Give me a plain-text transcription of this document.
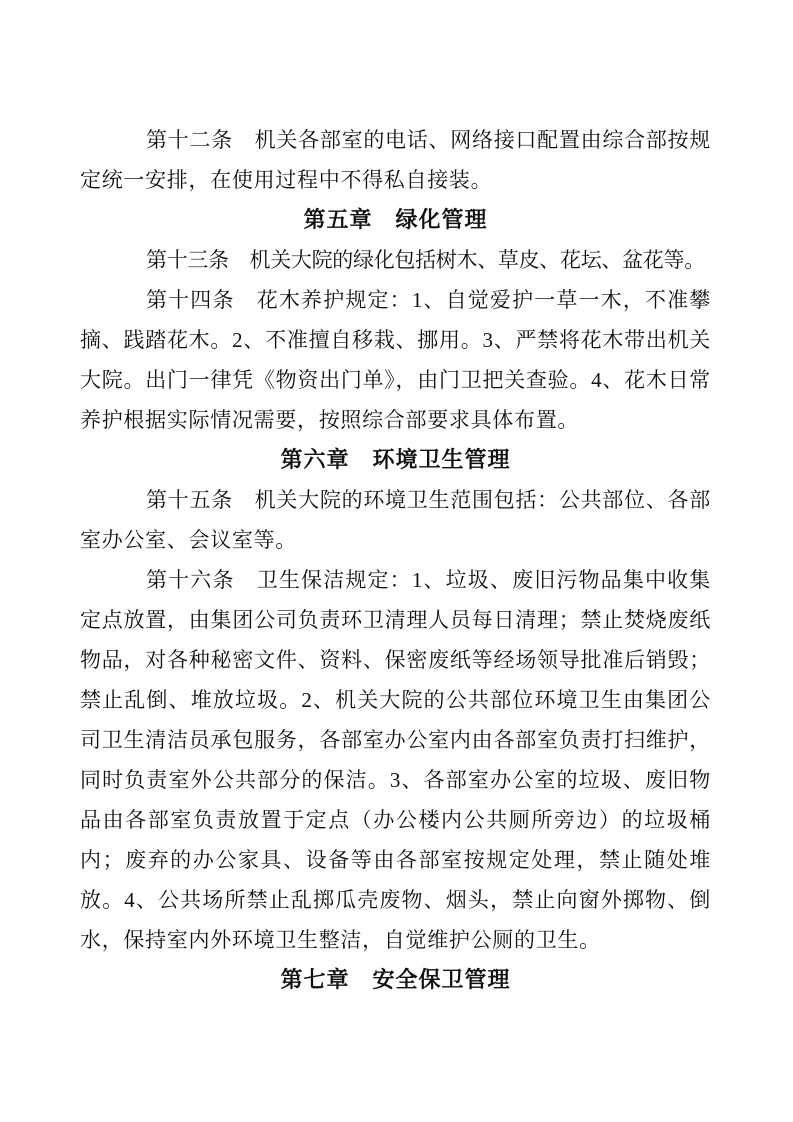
第十二条　机关各部室的电话、网络接口配置由综合部按规定统一安排，在使用过程中不得私自接装。

第五章　绿化管理

第十三条　机关大院的绿化包括树木、草皮、花坛、盆花等。

第十四条　花木养护规定：1、自觉爱护一草一木，不准攀摘、践踏花木。2、不准擅自移栽、挪用。3、严禁将花木带出机关大院。出门一律凭《物资出门单》，由门卫把关查验。4、花木日常养护根据实际情况需要，按照综合部要求具体布置。

第六章　环境卫生管理

第十五条　机关大院的环境卫生范围包括：公共部位、各部室办公室、会议室等。

第十六条　卫生保洁规定：1、垃圾、废旧污物品集中收集定点放置，由集团公司负责环卫清理人员每日清理；禁止焚烧废纸物品，对各种秘密文件、资料、保密废纸等经场领导批准后销毁；禁止乱倒、堆放垃圾。2、机关大院的公共部位环境卫生由集团公司卫生清洁员承包服务，各部室办公室内由各部室负责打扫维护，同时负责室外公共部分的保洁。3、各部室办公室的垃圾、废旧物品由各部室负责放置于定点（办公楼内公共厕所旁边）的垃圾桶内；废弃的办公家具、设备等由各部室按规定处理，禁止随处堆放。4、公共场所禁止乱掷瓜壳废物、烟头，禁止向窗外掷物、倒水，保持室内外环境卫生整洁，自觉维护公厕的卫生。

第七章　安全保卫管理
